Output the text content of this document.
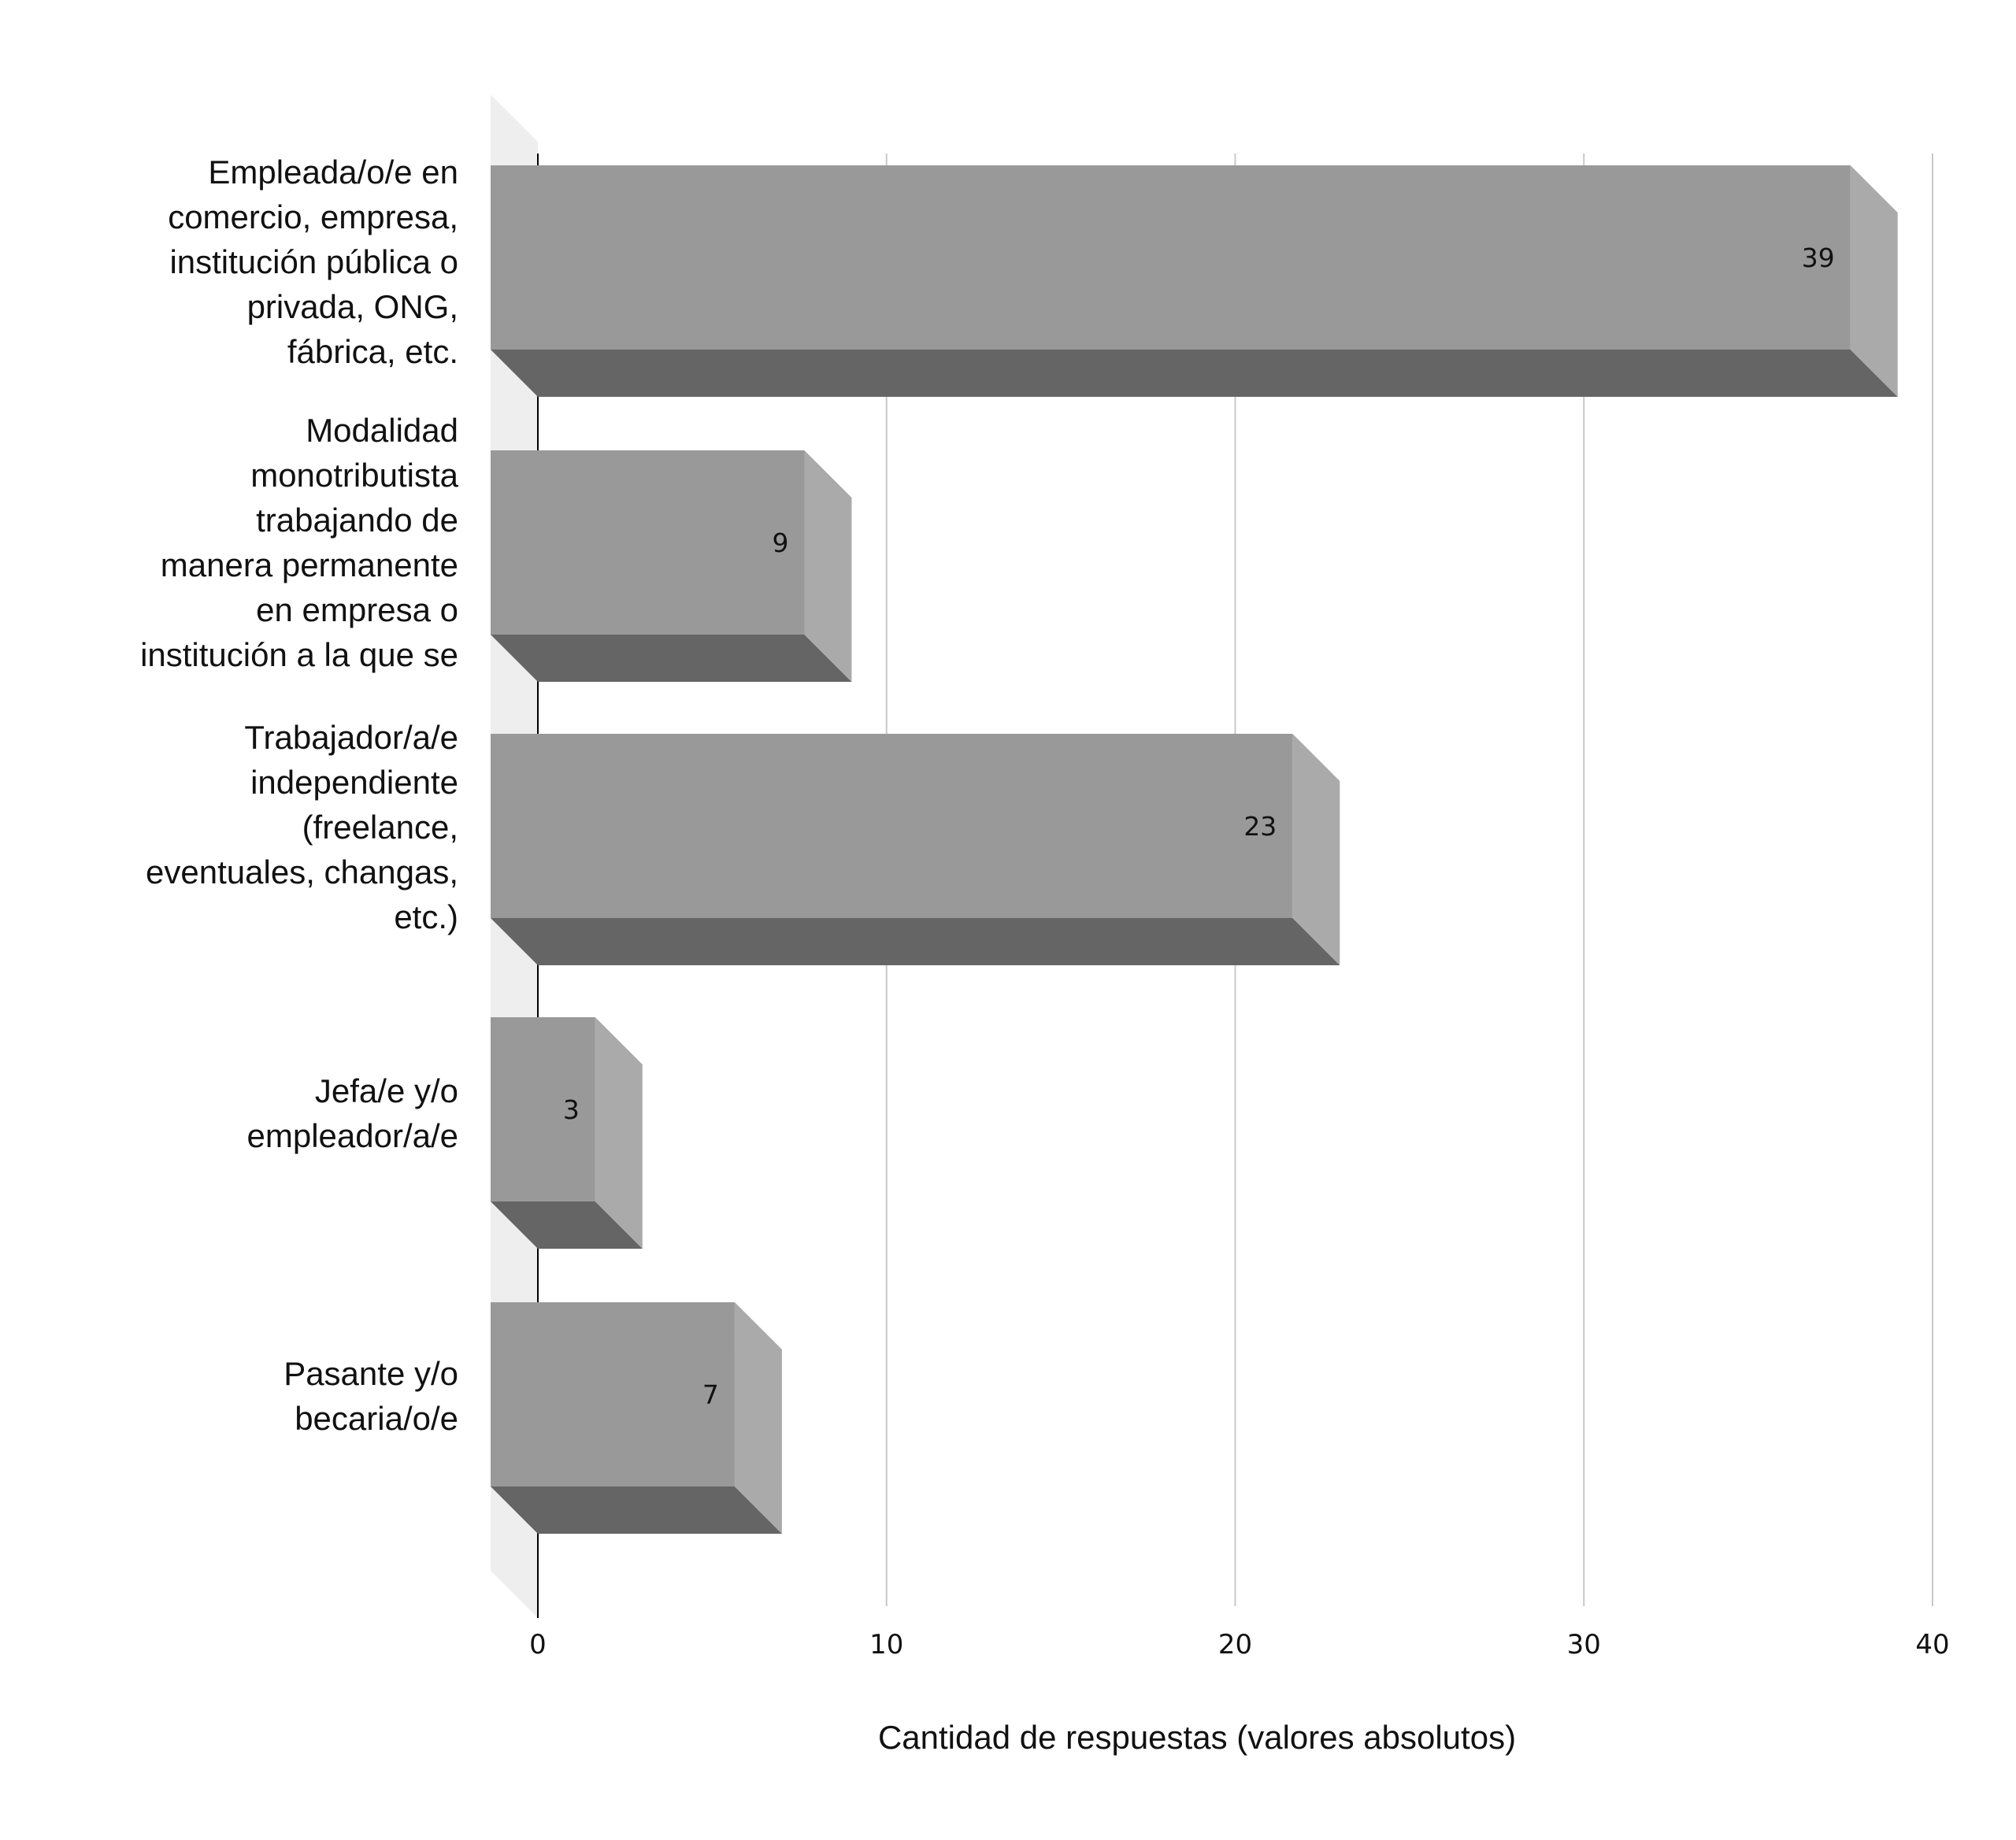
0	10	20	30	40
39
9
23
3
7
Empleada/o/e en
comercio, empresa,
institución pública o
privada, ONG,
fábrica, etc.
Modalidad
monotributista
trabajando de
manera permanente
en empresa o
institución a la que se
Trabajador/a/e
independiente
(freelance,
eventuales, changas,
etc.)
Jefa/e y/o
empleador/a/e
Pasante y/o
becaria/o/e
Cantidad de respuestas (valores absolutos)
